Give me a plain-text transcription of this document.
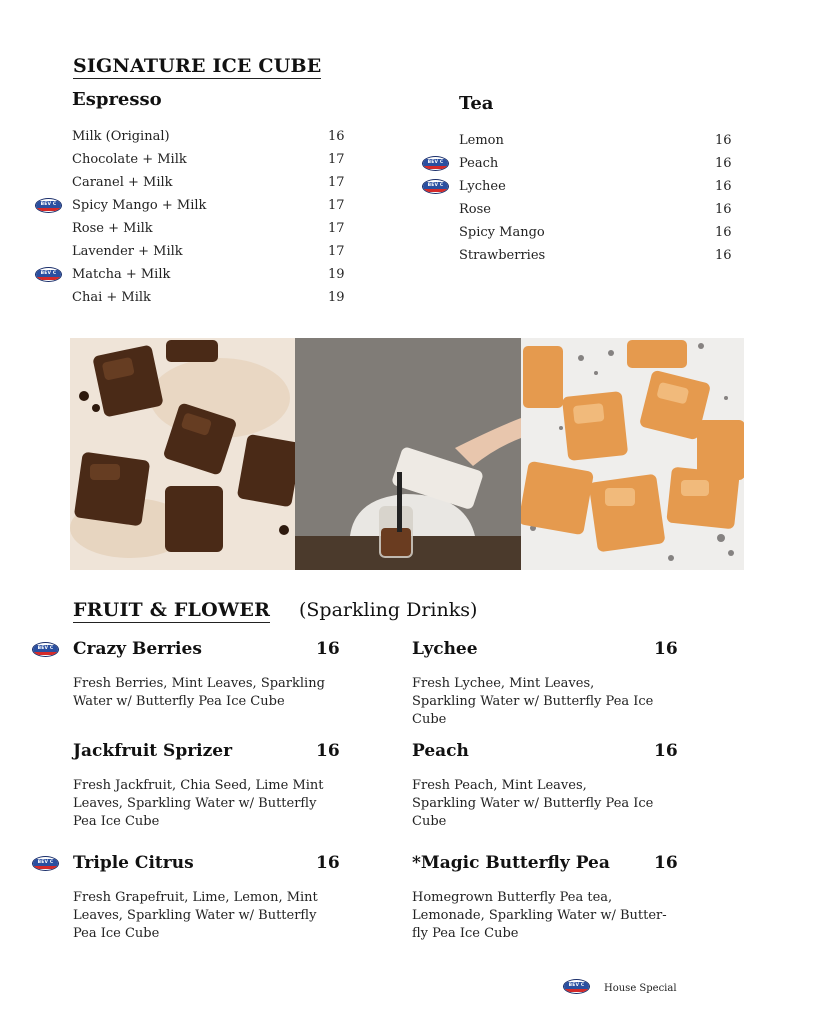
SIGNATURE ICE CUBE
Espresso
Milk (Original)	16
Chocolate + Milk	17
Caranel + Milk	17
Spicy Mango + Milk	17
Rose + Milk	17
Lavender + Milk	17
Matcha + Milk	19
Chai + Milk	19
Tea
Lemon	16
Peach	16
Lychee	16
Rose	16
Spicy Mango	16
Strawberries	16
FRUIT & FLOWER (Sparkling Drinks)
Crazy Berries	16
Fresh Berries, Mint Leaves, Sparkling
Water w/ Butterfly Pea Ice Cube
Lychee	16
Fresh Lychee, Mint Leaves,
Sparkling Water w/ Butterfly Pea Ice
Cube
Jackfruit Sprizer	16
Fresh Jackfruit, Chia Seed, Lime Mint
Leaves, Sparkling Water w/ Butterfly
Pea Ice Cube
Peach	16
Fresh Peach, Mint Leaves,
Sparkling Water w/ Butterfly Pea Ice
Cube
Triple Citrus	16
Fresh Grapefruit, Lime, Lemon, Mint
Leaves, Sparkling Water w/ Butterfly
Pea Ice Cube
*Magic Butterfly Pea	16
Homegrown Butterfly Pea tea,
Lemonade, Sparkling Water w/ Butter-
fly Pea Ice Cube
BEV C House Special
BEV C
BEV C
BEV C
BEV C
BEV C
BEV C
